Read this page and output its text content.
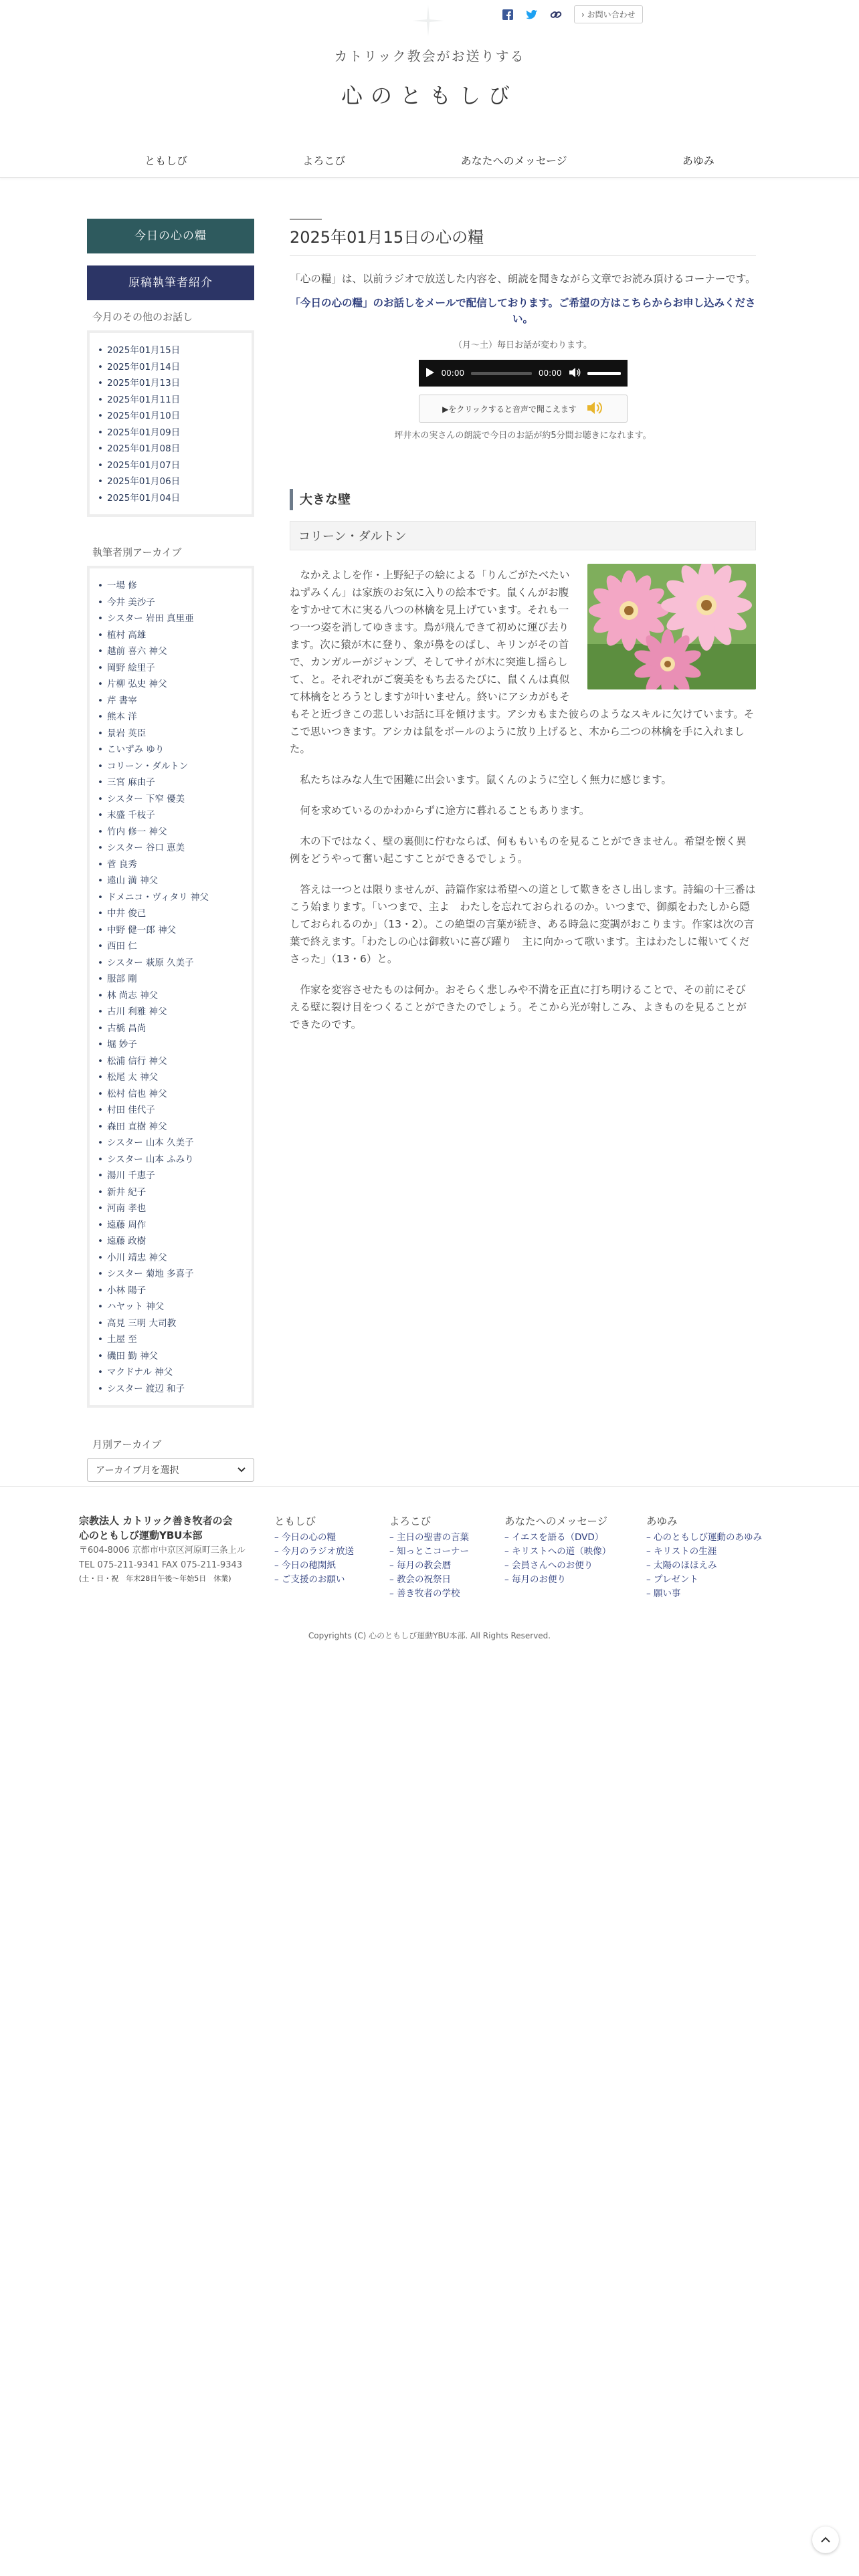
› お問い合わせ
カトリック教会がお送りする
心のともしび
ともしび	よろこび	あなたへのメッセージ	あゆみ
今日の心の糧
原稿執筆者紹介
今月のその他のお話し
• 2025年01月15日
• 2025年01月14日
• 2025年01月13日
• 2025年01月11日
• 2025年01月10日
• 2025年01月09日
• 2025年01月08日
• 2025年01月07日
• 2025年01月06日
• 2025年01月04日
執筆者別アーカイブ
• 一場 修
• 今井 美沙子
• シスター 岩田 真里亜
• 植村 高雄
• 越前 喜六 神父
• 岡野 絵里子
• 片柳 弘史 神父
• 芹 書宰
• 熊本 洋
• 景岩 英臣
• こいずみ ゆり
• コリーン・ダルトン
• 三宮 麻由子
• シスター 下窄 優美
• 末盛 千枝子
• 竹内 修一 神父
• シスター 谷口 恵美
• 菅 良秀
• 遠山 満 神父
• ドメニコ・ヴィタリ 神父
• 中井 俊己
• 中野 健一郎 神父
• 西田 仁
• シスター 萩原 久美子
• 服部 剛
• 林 尚志 神父
• 古川 利雅 神父
• 古橋 昌尚
• 堀 妙子
• 松浦 信行 神父
• 松尾 太 神父
• 松村 信也 神父
• 村田 佳代子
• 森田 直樹 神父
• シスター 山本 久美子
• シスター 山本 ふみり
• 湯川 千恵子
• 新井 紀子
• 河南 孝也
• 遠藤 周作
• 遠藤 政樹
• 小川 靖忠 神父
• シスター 菊地 多喜子
• 小林 陽子
• ハヤット 神父
• 高見 三明 大司教
• 土屋 至
• 磯田 勤 神父
• マクドナル 神父
• シスター 渡辺 和子
月別アーカイブ
アーカイブ月を選択
2025年01月15日の心の糧

「心の糧」は、以前ラジオで放送した内容を、朗読を聞きながら文章でお読み頂けるコーナーです。

「今日の心の糧」のお話しをメールで配信しております。ご希望の方はこちらからお申し込みください。

（月～土）毎日お話が変わります。

00:00	00:00
▶をクリックすると音声で聞こえます

坪井木の実さんの朗読で今日のお話が約5分間お聴きになれます。

大きな壁
コリーン・ダルトン

なかえよしを作・上野紀子の絵による「りんごがたべたいねずみくん」は家族のお気に入りの絵本です。鼠くんがお腹をすかせて木に実る八つの林檎を見上げています。それも一つ一つ姿を消してゆきます。鳥が飛んできて初めに運び去ります。次に猿が木に登り、象が鼻をのばし、キリンがその首で、カンガルーがジャンプ、そしてサイが木に突進し揺らして、と。それぞれがご褒美をもち去るたびに、鼠くんは真似て林檎をとろうとしますが叶いません。終いにアシカがもそもそと近づきこの悲しいお話に耳を傾けます。アシカもまた彼らのようなスキルに欠けています。そこで思いつきます。アシカは鼠をボールのように放り上げると、木から二つの林檎を手に入れました。

私たちはみな人生で困難に出会います。鼠くんのように空しく無力に感じます。

何を求めているのかわからずに途方に暮れることもあります。

木の下ではなく、壁の裏側に佇むならば、何ももいものを見ることができません。希望を懐く異例をどうやって奮い起こすことができるでしょう。

答えは一つとは限りませんが、詩篇作家は希望への道として歎きをさし出します。詩編の十三番はこう始まります。「いつまで、主よ　わたしを忘れておられるのか。いつまで、御顔をわたしから隠しておられるのか」（13・2）。この絶望の言葉が続き、ある時急に変調がおこります。作家は次の言葉で終えます。「わたしの心は御救いに喜び躍り　主に向かって歌います。主はわたしに報いてくださった」（13・6）と。

作家を変容させたものは何か。おそらく悲しみや不満を正直に打ち明けることで、その前にそびえる壁に裂け目をつくることができたのでしょう。そこから光が射しこみ、よきものを見ることができたのです。

宗教法人 カトリック善き牧者の会
心のともしび運動YBU本部
〒604-8006 京都市中京区河原町三条上ル
TEL 075-211-9341 FAX 075-211-9343
(土・日・祝　年末28日午後〜年始5日　休業)
ともしび
– 今日の心の糧
– 今月のラジオ放送
– 今日の穂閑紙
– ご支援のお願い
よろこび
– 主日の聖書の言葉
– 知っとこコーナー
– 毎月の教会暦
– 教会の祝祭日
– 善き牧者の学校
あなたへのメッセージ
– イエスを語る（DVD）
– キリストへの道（映像）
– 会員さんへのお便り
– 毎月のお便り
あゆみ
– 心のともしび運動のあゆみ
– キリストの生涯
– 太陽のほほえみ
– プレゼント
– 願い事
Copyrights (C) 心のともしび運動YBU本部. All Rights Reserved.
